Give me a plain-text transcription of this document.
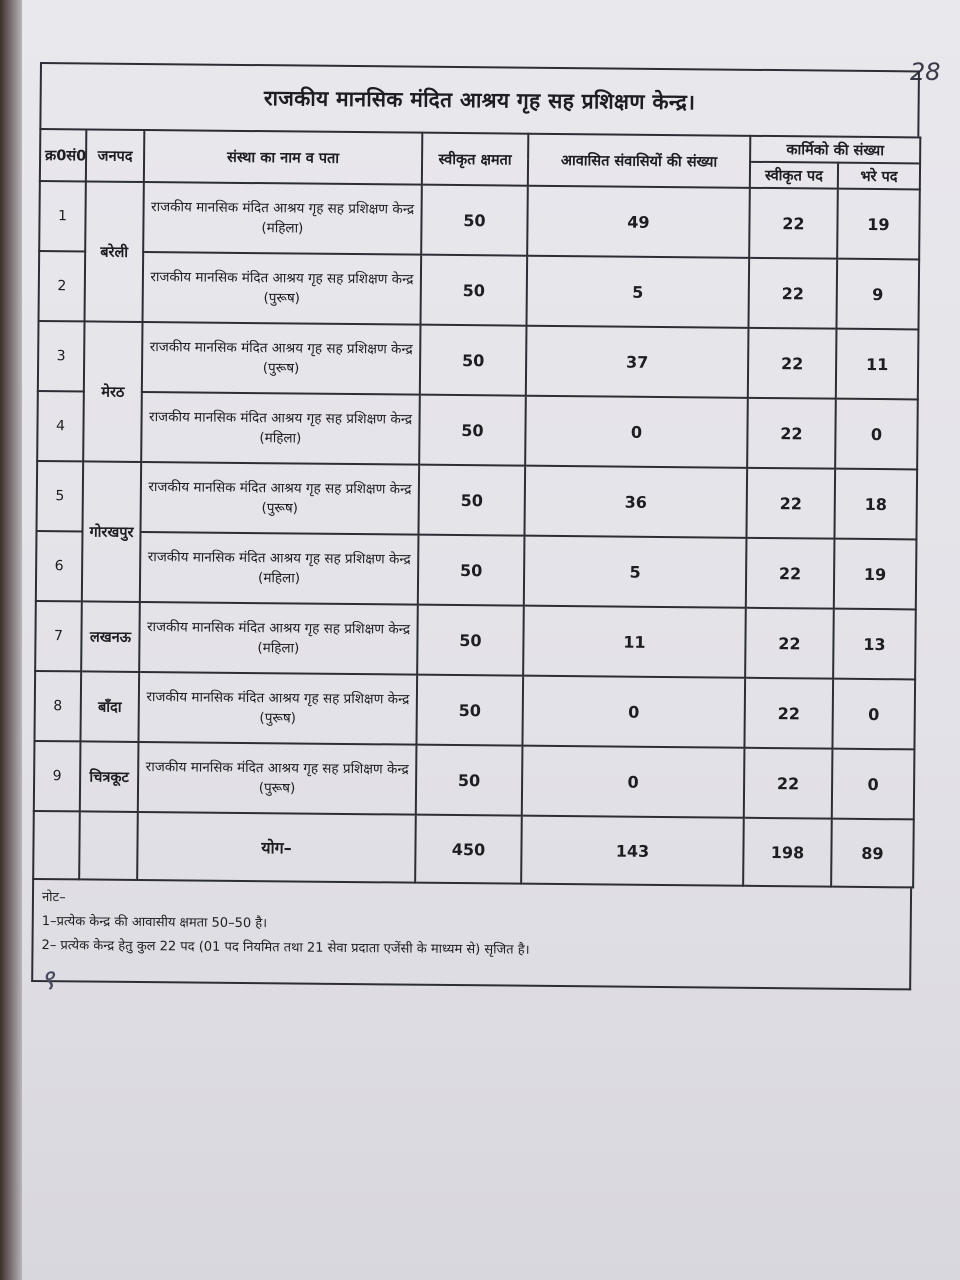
28
राजकीय मानसिक मंदित आश्रय गृह सह प्रशिक्षण केन्द्र।
क्र0सं0	जनपद	संस्था का नाम व पता	स्वीकृत क्षमता	आवासित संवासियों की संख्या	कार्मिको की संख्या	
					स्वीकृत पद	भरे पद
1	बरेली	राजकीय मानसिक मंदित आश्रय गृह सह प्रशिक्षण केन्द्र (महिला)	50	49	22	19
2		राजकीय मानसिक मंदित आश्रय गृह सह प्रशिक्षण केन्द्र (पुरूष)	50	5	22	9
3	मेरठ	राजकीय मानसिक मंदित आश्रय गृह सह प्रशिक्षण केन्द्र (पुरूष)	50	37	22	11
4		राजकीय मानसिक मंदित आश्रय गृह सह प्रशिक्षण केन्द्र (महिला)	50	0	22	0
5	गोरखपुर	राजकीय मानसिक मंदित आश्रय गृह सह प्रशिक्षण केन्द्र (पुरूष)	50	36	22	18
6		राजकीय मानसिक मंदित आश्रय गृह सह प्रशिक्षण केन्द्र (महिला)	50	5	22	19
7	लखनऊ	राजकीय मानसिक मंदित आश्रय गृह सह प्रशिक्षण केन्द्र (महिला)	50	11	22	13
8	बाँदा	राजकीय मानसिक मंदित आश्रय गृह सह प्रशिक्षण केन्द्र (पुरूष)	50	0	22	0
9	चित्रकूट	राजकीय मानसिक मंदित आश्रय गृह सह प्रशिक्षण केन्द्र (पुरूष)	50	0	22	0
		योग–	450	143	198	89
नोट–
1–प्रत्येक केन्द्र की आवासीय क्षमता 50–50 है।
2– प्रत्येक केन्द्र हेतु कुल 22 पद (01 पद नियमित तथा 21 सेवा प्रदाता एजेंसी के माध्यम से) सृजित है।
९
